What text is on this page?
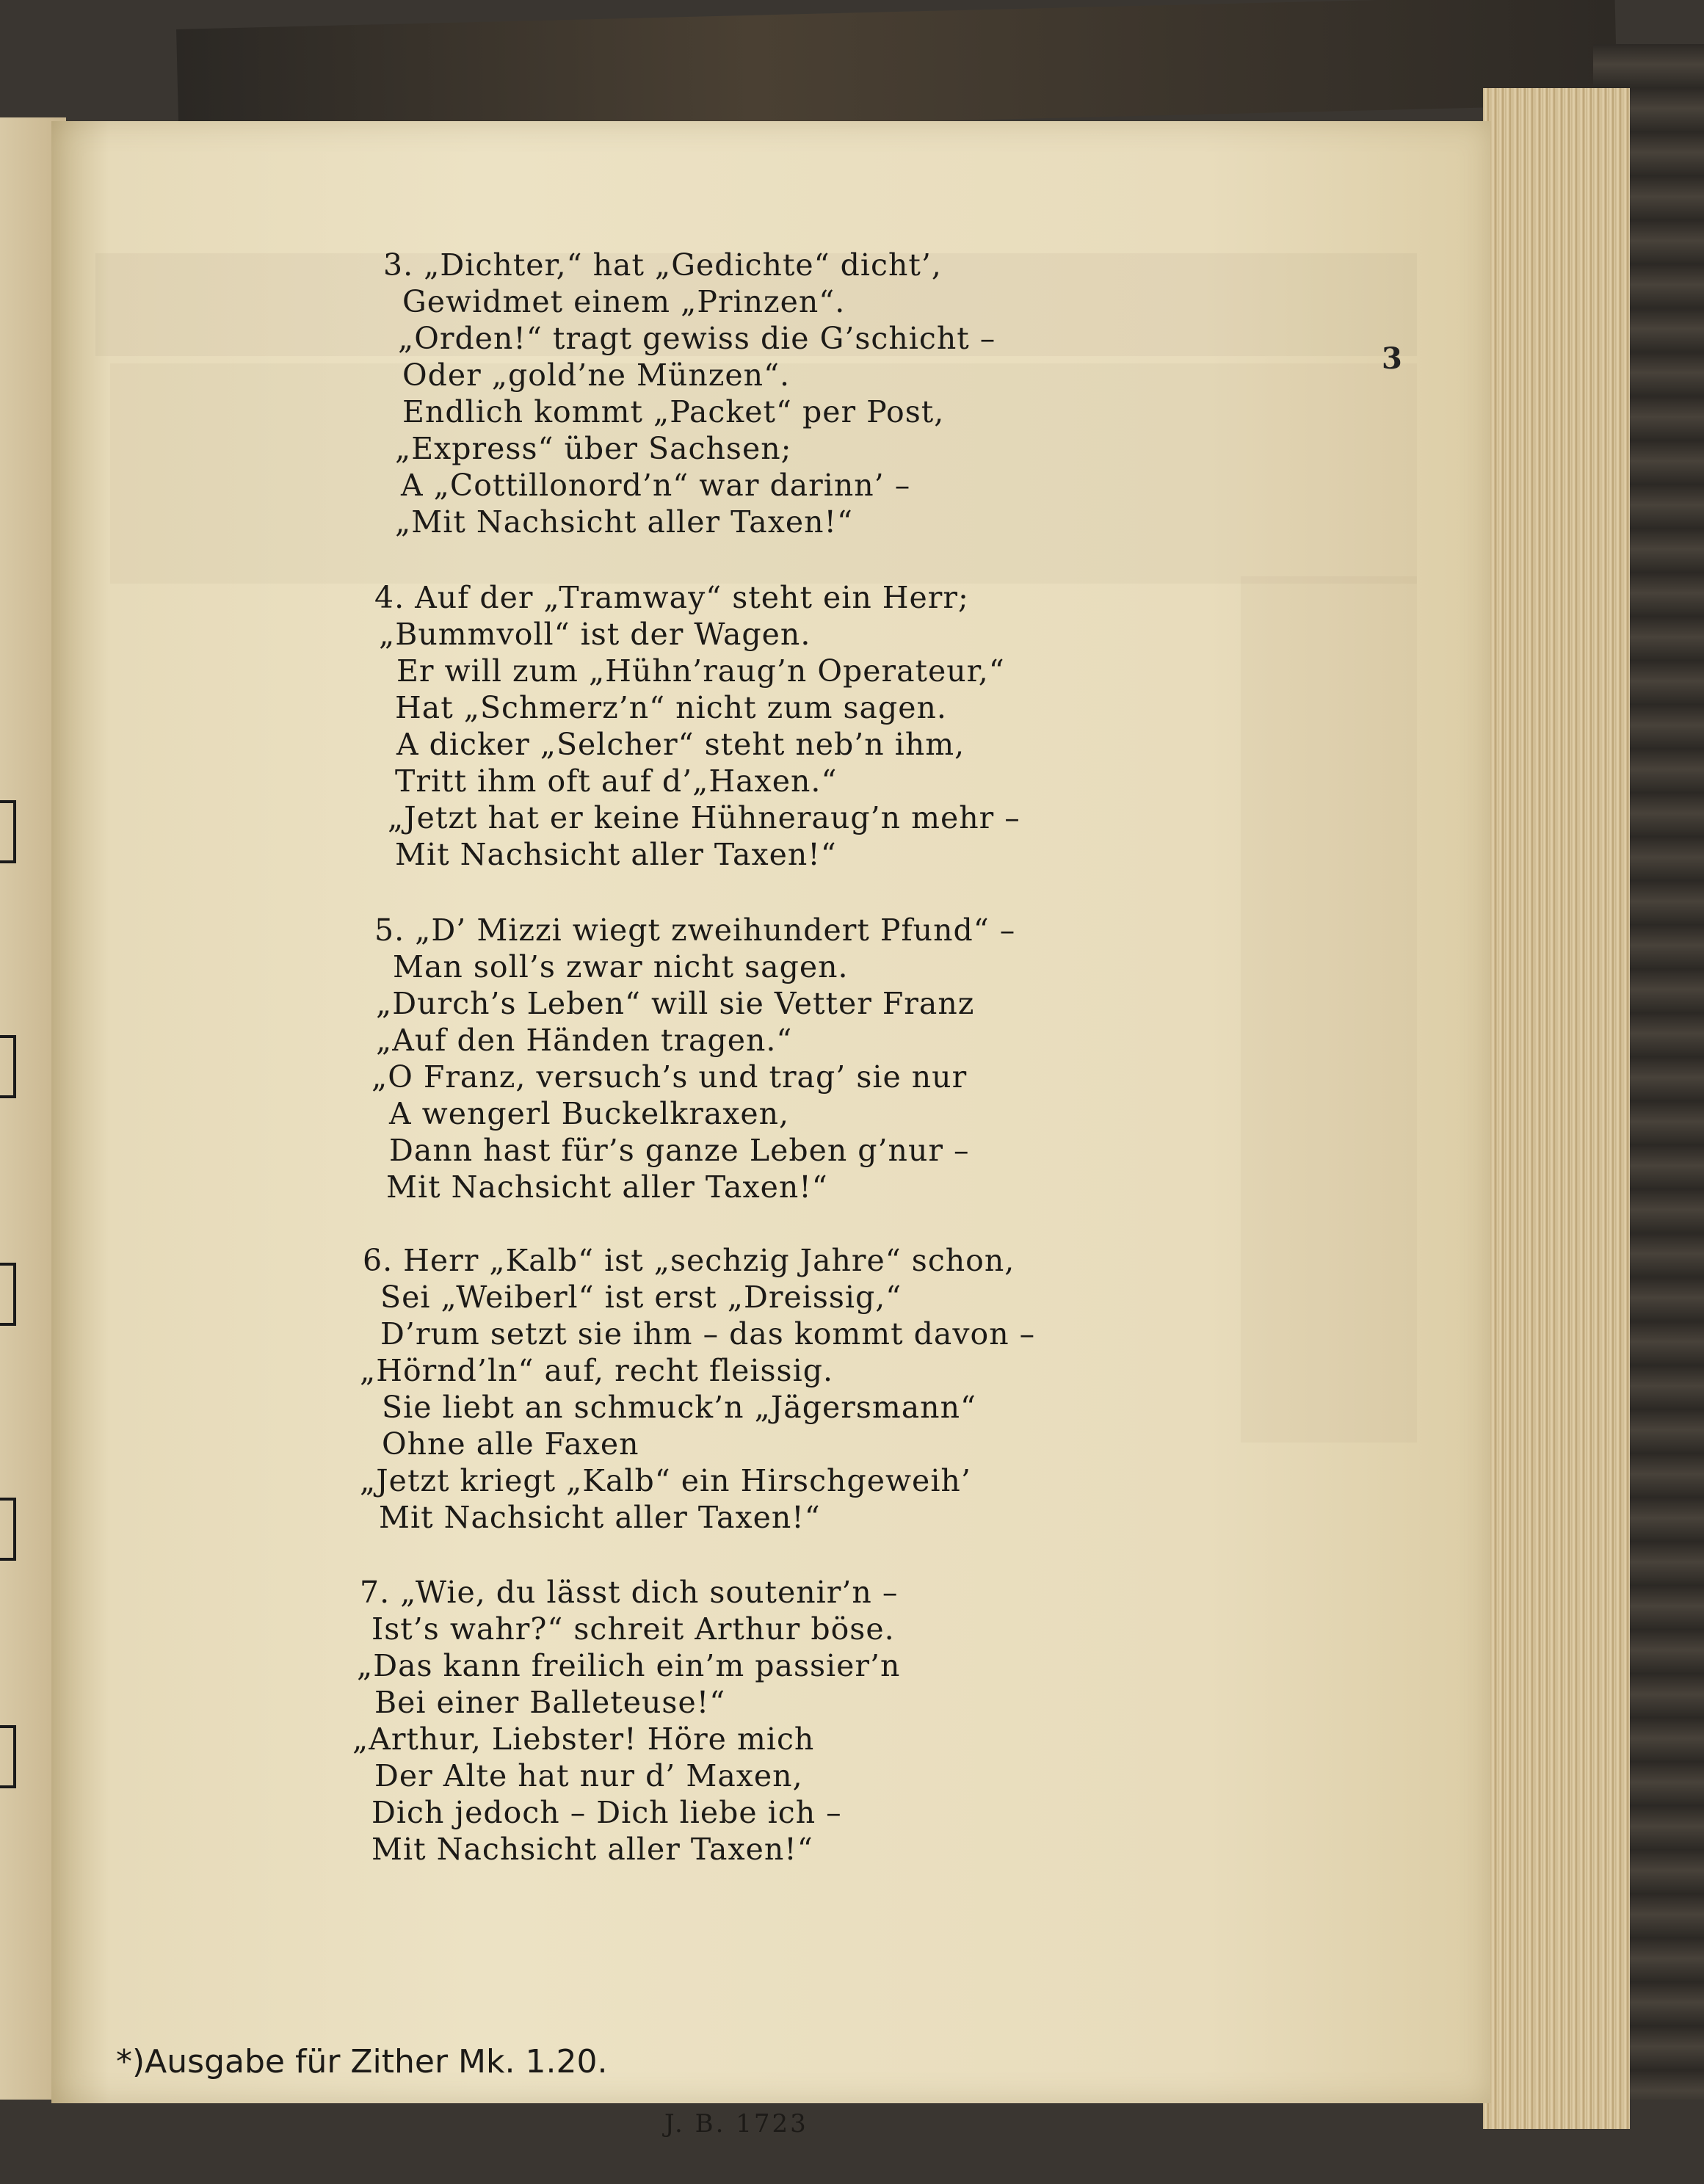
3
3. „Dichter,“ hat „Gedichte“ dicht’,
Gewidmet einem „Prinzen“.
„Orden!“ tragt gewiss die G’schicht –
Oder „gold’ne Münzen“.
Endlich kommt „Packet“ per Post,
„Express“ über Sachsen;
A „Cottillonord’n“ war darinn’ –
„Mit Nachsicht aller Taxen!“
4. Auf der „Tramway“ steht ein Herr;
„Bummvoll“ ist der Wagen.
Er will zum „Hühn’raug’n Operateur,“
Hat „Schmerz’n“ nicht zum sagen.
A dicker „Selcher“ steht neb’n ihm,
Tritt ihm oft auf d’„Haxen.“
„Jetzt hat er keine Hühneraug’n mehr –
Mit Nachsicht aller Taxen!“
5. „D’ Mizzi wiegt zweihundert Pfund“ –
Man soll’s zwar nicht sagen.
„Durch’s Leben“ will sie Vetter Franz
„Auf den Händen tragen.“
„O Franz, versuch’s und trag’ sie nur
A wengerl Buckelkraxen,
Dann hast für’s ganze Leben g’nur –
Mit Nachsicht aller Taxen!“
6. Herr „Kalb“ ist „sechzig Jahre“ schon,
Sei „Weiberl“ ist erst „Dreissig,“
D’rum setzt sie ihm – das kommt davon –
„Hörnd’ln“ auf, recht fleissig.
Sie liebt an schmuck’n „Jägersmann“
Ohne alle Faxen
„Jetzt kriegt „Kalb“ ein Hirschgeweih’
Mit Nachsicht aller Taxen!“
7. „Wie, du lässt dich soutenir’n –
Ist’s wahr?“ schreit Arthur böse.
„Das kann freilich ein’m passier’n
Bei einer Balleteuse!“
„Arthur, Liebster! Höre mich
Der Alte hat nur d’ Maxen,
Dich jedoch – Dich liebe ich –
Mit Nachsicht aller Taxen!“
*)Ausgabe für Zither Mk. 1.20.
J. B. 1723
